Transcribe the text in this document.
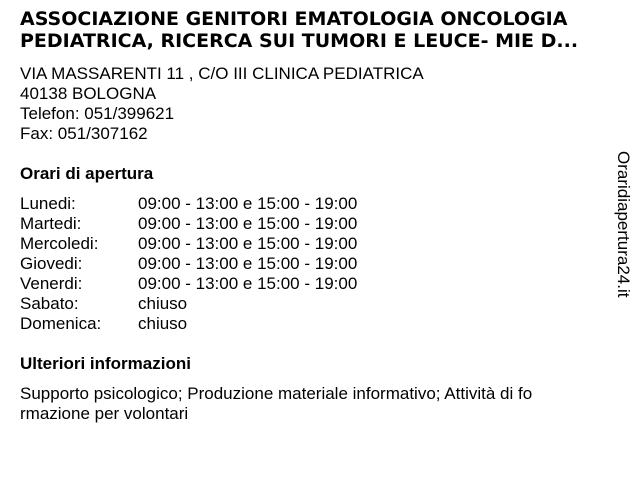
ASSOCIAZIONE GENITORI EMATOLOGIA ONCOLOGIA
PEDIATRICA, RICERCA SUI TUMORI E LEUCE- MIE D...
VIA MASSARENTI 11 , C/O III CLINICA PEDIATRICA
40138 BOLOGNA
Telefon: 051/399621
Fax: 051/307162
Orari di apertura
Lunedi:	09:00 - 13:00 e 15:00 - 19:00
Martedi:	09:00 - 13:00 e 15:00 - 19:00
Mercoledi: 09:00 - 13:00 e 15:00 - 19:00
Giovedi:	09:00 - 13:00 e 15:00 - 19:00
Venerdi:	09:00 - 13:00 e 15:00 - 19:00
Sabato:	chiuso
Domenica: chiuso
Ulteriori informazioni
Supporto psicologico; Produzione materiale informativo; Attività di fo
rmazione per volontari
Oraridiapertura24.it
